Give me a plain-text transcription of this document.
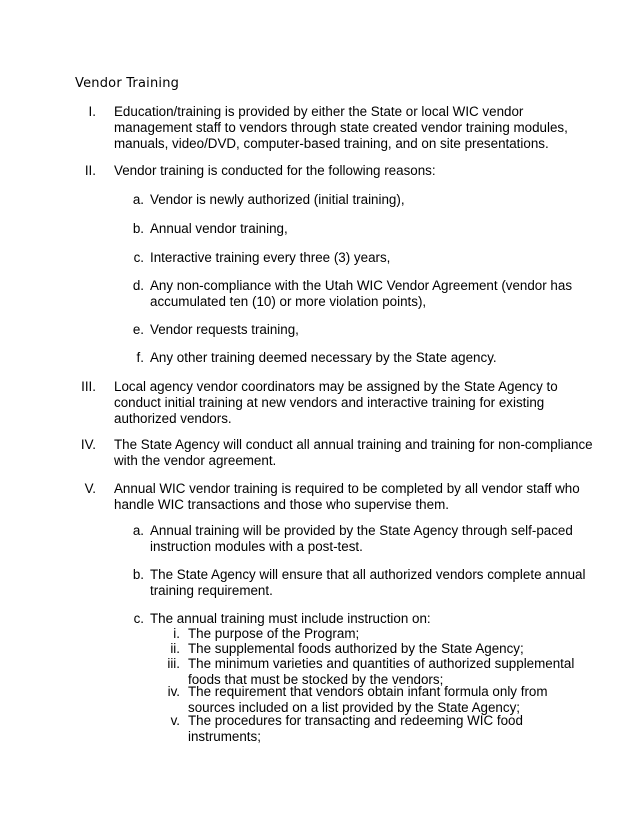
Vendor Training
I. Education/training is provided by either the State or local WIC vendor
management staff to vendors through state created vendor training modules,
manuals, video/DVD, computer-based training, and on site presentations.
II. Vendor training is conducted for the following reasons:
a. Vendor is newly authorized (initial training),
b. Annual vendor training,
c. Interactive training every three (3) years,
d. Any non-compliance with the Utah WIC Vendor Agreement (vendor has
accumulated ten (10) or more violation points),
e. Vendor requests training,
f. Any other training deemed necessary by the State agency.
III. Local agency vendor coordinators may be assigned by the State Agency to
conduct initial training at new vendors and interactive training for existing
authorized vendors.
IV. The State Agency will conduct all annual training and training for non-compliance
with the vendor agreement.
V. Annual WIC vendor training is required to be completed by all vendor staff who
handle WIC transactions and those who supervise them.
a. Annual training will be provided by the State Agency through self-paced
instruction modules with a post-test.
b. The State Agency will ensure that all authorized vendors complete annual
training requirement.
c. The annual training must include instruction on:
i. The purpose of the Program;
ii. The supplemental foods authorized by the State Agency;
iii. The minimum varieties and quantities of authorized supplemental
foods that must be stocked by the vendors;
iv. The requirement that vendors obtain infant formula only from
sources included on a list provided by the State Agency;
v. The procedures for transacting and redeeming WIC food
instruments;
